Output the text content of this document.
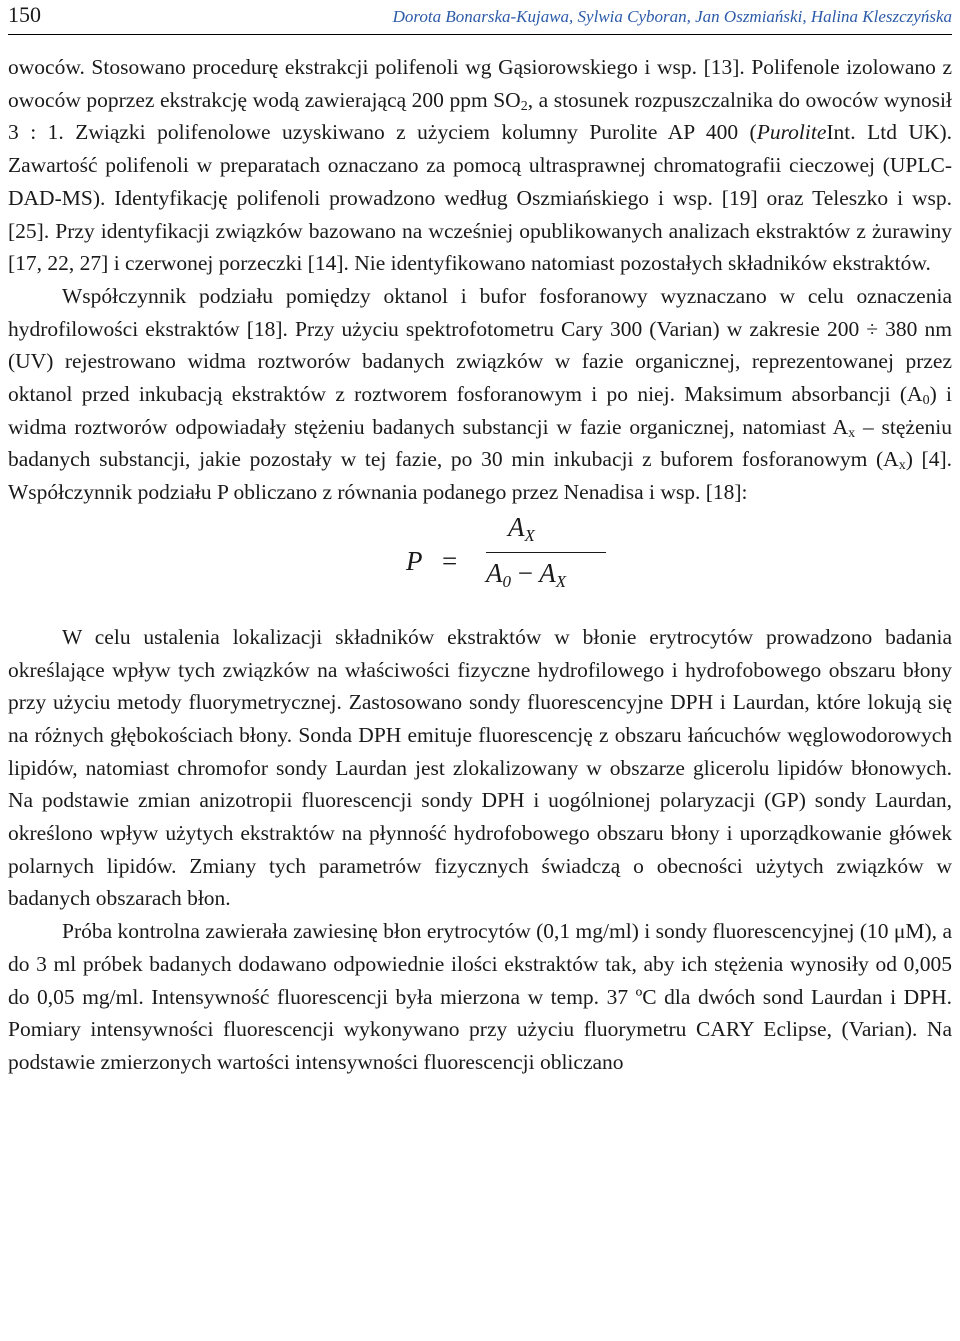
150	Dorota Bonarska-Kujawa, Sylwia Cyboran, Jan Oszmiański, Halina Kleszczyńska

owoców. Stosowano procedurę ekstrakcji polifenoli wg Gąsiorowskiego i wsp. [13]. Polifenole izolowano z owoców poprzez ekstrakcję wodą zawierającą 200 ppm $SO_2$, a stosunek rozpuszczalnika do owoców wynosił 3 : 1. Związki polifenolowe uzyskiwano z użyciem kolumny Purolite AP 400 (PuroliteInt. Ltd UK). Zawartość polifenoli w preparatach oznaczano za pomocą ultrasprawnej chromatografii cieczowej (UPLC-DAD-MS). Identyfikację polifenoli prowadzono według Oszmiańskiego i wsp. [19] oraz Teleszko i wsp. [25]. Przy identyfikacji związków bazowano na wcześniej opublikowanych analizach ekstraktów z żurawiny [17, 22, 27] i czerwonej porzeczki [14]. Nie identyfikowano natomiast pozostałych składników ekstraktów.

Współczynnik podziału pomiędzy oktanol i bufor fosforanowy wyznaczano w celu oznaczenia hydrofilowości ekstraktów [18]. Przy użyciu spektrofotometru Cary 300 (Varian) w zakresie 200 ÷ 380 nm (UV) rejestrowano widma roztworów badanych związków w fazie organicznej, reprezentowanej przez oktanol przed inkubacją ekstraktów z roztworem fosforanowym i po niej. Maksimum absorbancji $(A_0)$ i widma roztworów odpowiadały stężeniu badanych substancji w fazie organicznej, natomiast $A_x$ – stężeniu badanych substancji, jakie pozostały w tej fazie, po 30 min inkubacji z buforem fosforanowym $(A_x)$ [4]. Współczynnik podziału P obliczano z równania podanego przez Nenadisa i wsp. [18]:

P =
$A_X$
$A_0 - A_X$

W celu ustalenia lokalizacji składników ekstraktów w błonie erytrocytów prowadzono badania określające wpływ tych związków na właściwości fizyczne hydrofilowego i hydrofobowego obszaru błony przy użyciu metody fluorymetrycznej. Zastosowano sondy fluorescencyjne DPH i Laurdan, które lokują się na różnych głębokościach błony. Sonda DPH emituje fluorescencję z obszaru łańcuchów węglowodorowych lipidów, natomiast chromofor sondy Laurdan jest zlokalizowany w obszarze glicerolu lipidów błonowych. Na podstawie zmian anizotropii fluorescencji sondy DPH i uogólnionej polaryzacji (GP) sondy Laurdan, określono wpływ użytych ekstraktów na płynność hydrofobowego obszaru błony i uporządkowanie główek polarnych lipidów. Zmiany tych parametrów fizycznych świadczą o obecności użytych związków w badanych obszarach błon.

Próba kontrolna zawierała zawiesinę błon erytrocytów (0,1 mg/ml) i sondy fluorescencyjnej (10 μM), a do 3 ml próbek badanych dodawano odpowiednie ilości ekstraktów tak, aby ich stężenia wynosiły od 0,005 do 0,05 mg/ml. Intensywność fluorescencji była mierzona w temp. 37 ºC dla dwóch sond Laurdan i DPH. Pomiary intensywności fluorescencji wykonywano przy użyciu fluorymetru CARY Eclipse, (Varian). Na podstawie zmierzonych wartości intensywności fluorescencji obliczano
